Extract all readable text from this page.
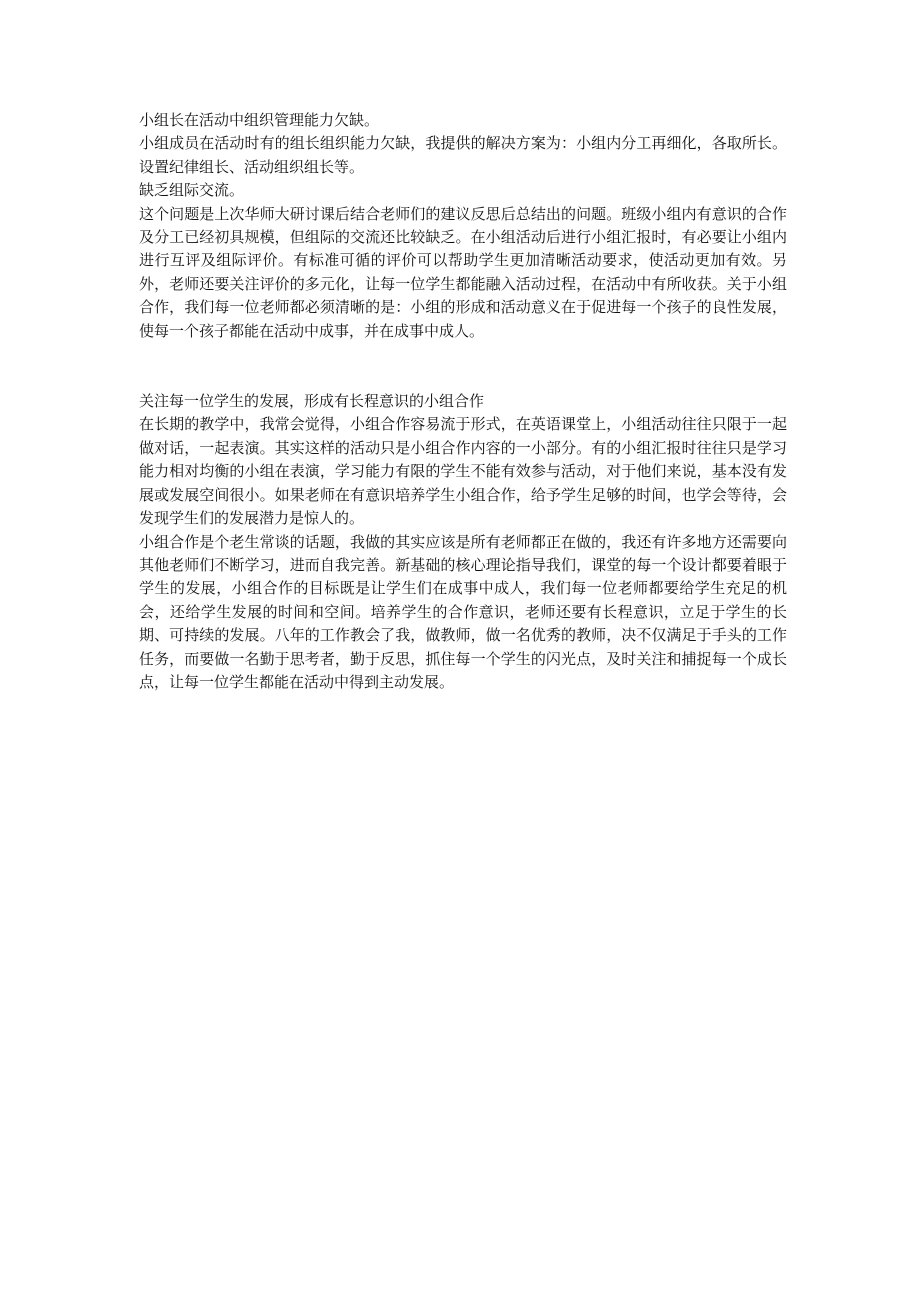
小组长在活动中组织管理能力欠缺。

小组成员在活动时有的组长组织能力欠缺，我提供的解决方案为：小组内分工再细化，各取所长。设置纪律组长、活动组织组长等。

缺乏组际交流。

这个问题是上次华师大研讨课后结合老师们的建议反思后总结出的问题。班级小组内有意识的合作及分工已经初具规模，但组际的交流还比较缺乏。在小组活动后进行小组汇报时，有必要让小组内进行互评及组际评价。有标准可循的评价可以帮助学生更加清晰活动要求，使活动更加有效。另外，老师还要关注评价的多元化，让每一位学生都能融入活动过程，在活动中有所收获。关于小组合作，我们每一位老师都必须清晰的是：小组的形成和活动意义在于促进每一个孩子的良性发展，使每一个孩子都能在活动中成事，并在成事中成人。

关注每一位学生的发展，形成有长程意识的小组合作

在长期的教学中，我常会觉得，小组合作容易流于形式，在英语课堂上，小组活动往往只限于一起做对话，一起表演。其实这样的活动只是小组合作内容的一小部分。有的小组汇报时往往只是学习能力相对均衡的小组在表演，学习能力有限的学生不能有效参与活动，对于他们来说，基本没有发展或发展空间很小。如果老师在有意识培养学生小组合作，给予学生足够的时间，也学会等待，会发现学生们的发展潜力是惊人的。

小组合作是个老生常谈的话题，我做的其实应该是所有老师都正在做的，我还有许多地方还需要向其他老师们不断学习，进而自我完善。新基础的核心理论指导我们，课堂的每一个设计都要着眼于学生的发展，小组合作的目标既是让学生们在成事中成人，我们每一位老师都要给学生充足的机会，还给学生发展的时间和空间。培养学生的合作意识，老师还要有长程意识，立足于学生的长期、可持续的发展。八年的工作教会了我，做教师，做一名优秀的教师，决不仅满足于手头的工作任务，而要做一名勤于思考者，勤于反思，抓住每一个学生的闪光点，及时关注和捕捉每一个成长点，让每一位学生都能在活动中得到主动发展。
